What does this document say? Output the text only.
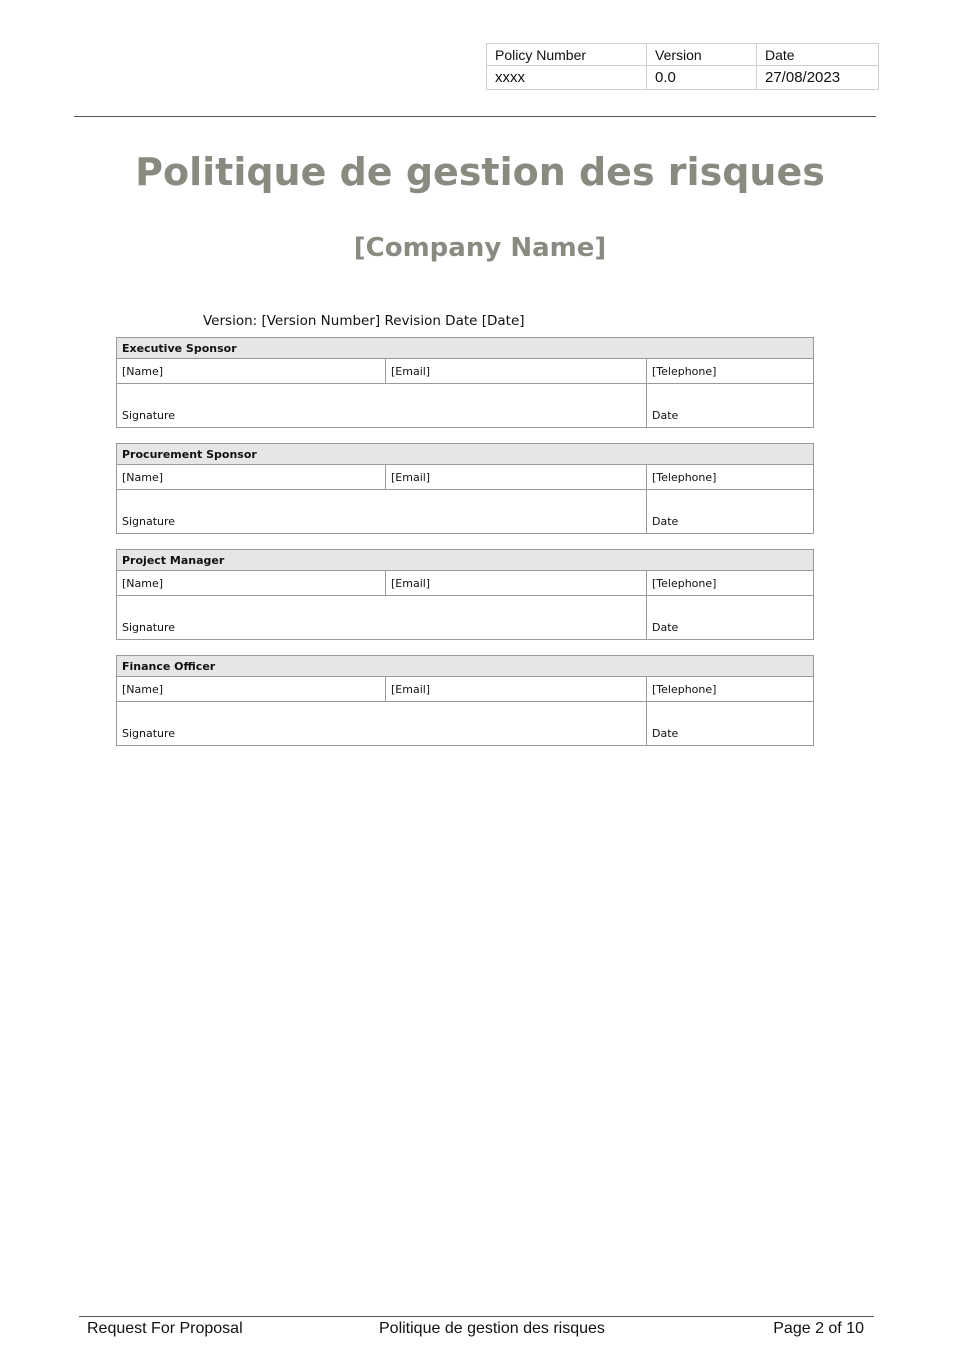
Policy Number	Version	Date
xxxx	0.0	27/08/2023
Politique de gestion des risques
[Company Name]
Version: [Version Number] Revision Date [Date]
Executive Sponsor		
[Name]	[Email]	[Telephone]
Signature		Date
Procurement Sponsor		
[Name]	[Email]	[Telephone]
Signature		Date
Project Manager		
[Name]	[Email]	[Telephone]
Signature		Date
Finance Officer		
[Name]	[Email]	[Telephone]
Signature		Date
Request For Proposal	Politique de gestion des risques	Page 2 of 10
